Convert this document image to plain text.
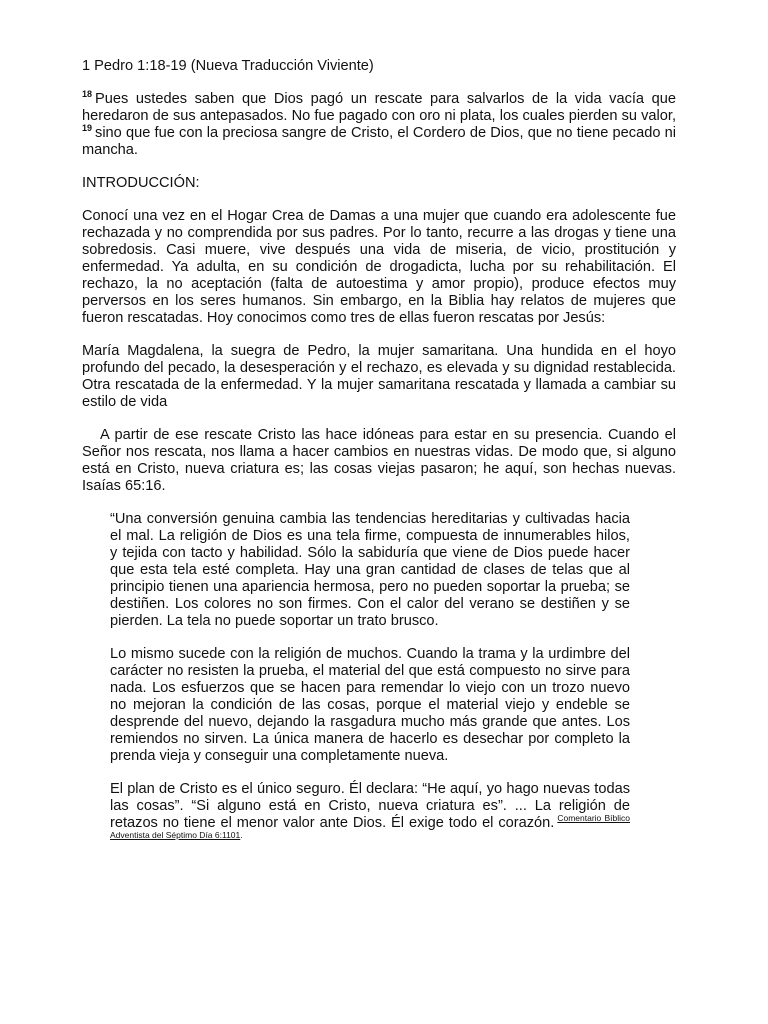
1 Pedro 1:18-19 (Nueva Traducción Viviente)

$^{18}$ Pues ustedes saben que Dios pagó un rescate para salvarlos de la vida vacía que heredaron de sus antepasados. No fue pagado con oro ni plata, los cuales pierden su valor, $^{19}$ sino que fue con la preciosa sangre de Cristo, el Cordero de Dios, que no tiene pecado ni mancha.

INTRODUCCIÓN:

Conocí una vez en el Hogar Crea de Damas a una mujer que cuando era adolescente fue rechazada y no comprendida por sus padres. Por lo tanto, recurre a las drogas y tiene una sobredosis. Casi muere, vive después una vida de miseria, de vicio, prostitución y enfermedad. Ya adulta, en su condición de drogadicta, lucha por su rehabilitación. El rechazo, la no aceptación (falta de autoestima y amor propio), produce efectos muy perversos en los seres humanos. Sin embargo, en la Biblia hay relatos de mujeres que fueron rescatadas. Hoy conocimos como tres de ellas fueron rescatas por Jesús:

María Magdalena, la suegra de Pedro, la mujer samaritana. Una hundida en el hoyo profundo del pecado, la desesperación y el rechazo, es elevada y su dignidad restablecida. Otra rescatada de la enfermedad. Y la mujer samaritana rescatada y llamada a cambiar su estilo de vida

A partir de ese rescate Cristo las hace idóneas para estar en su presencia. Cuando el Señor nos rescata, nos llama a hacer cambios en nuestras vidas. De modo que, si alguno está en Cristo, nueva criatura es; las cosas viejas pasaron; he aquí, son hechas nuevas. Isaías 65:16.

“Una conversión genuina cambia las tendencias hereditarias y cultivadas hacia el mal. La religión de Dios es una tela firme, compuesta de innumerables hilos, y tejida con tacto y habilidad. Sólo la sabiduría que viene de Dios puede hacer que esta tela esté completa. Hay una gran cantidad de clases de telas que al principio tienen una apariencia hermosa, pero no pueden soportar la prueba; se destiñen. Los colores no son firmes. Con el calor del verano se destiñen y se pierden. La tela no puede soportar un trato brusco.

Lo mismo sucede con la religión de muchos. Cuando la trama y la urdimbre del carácter no resisten la prueba, el material del que está compuesto no sirve para nada. Los esfuerzos que se hacen para remendar lo viejo con un trozo nuevo no mejoran la condición de las cosas, porque el material viejo y endeble se desprende del nuevo, dejando la rasgadura mucho más grande que antes. Los remiendos no sirven. La única manera de hacerlo es desechar por completo la prenda vieja y conseguir una completamente nueva.

El plan de Cristo es el único seguro. Él declara: “He aquí, yo hago nuevas todas las cosas”. “Si alguno está en Cristo, nueva criatura es”. ... La religión de retazos no tiene el menor valor ante Dios. Él exige todo el corazón. $^{Comentario Bíblico Adventista del Séptimo Día 6:1101.}$
